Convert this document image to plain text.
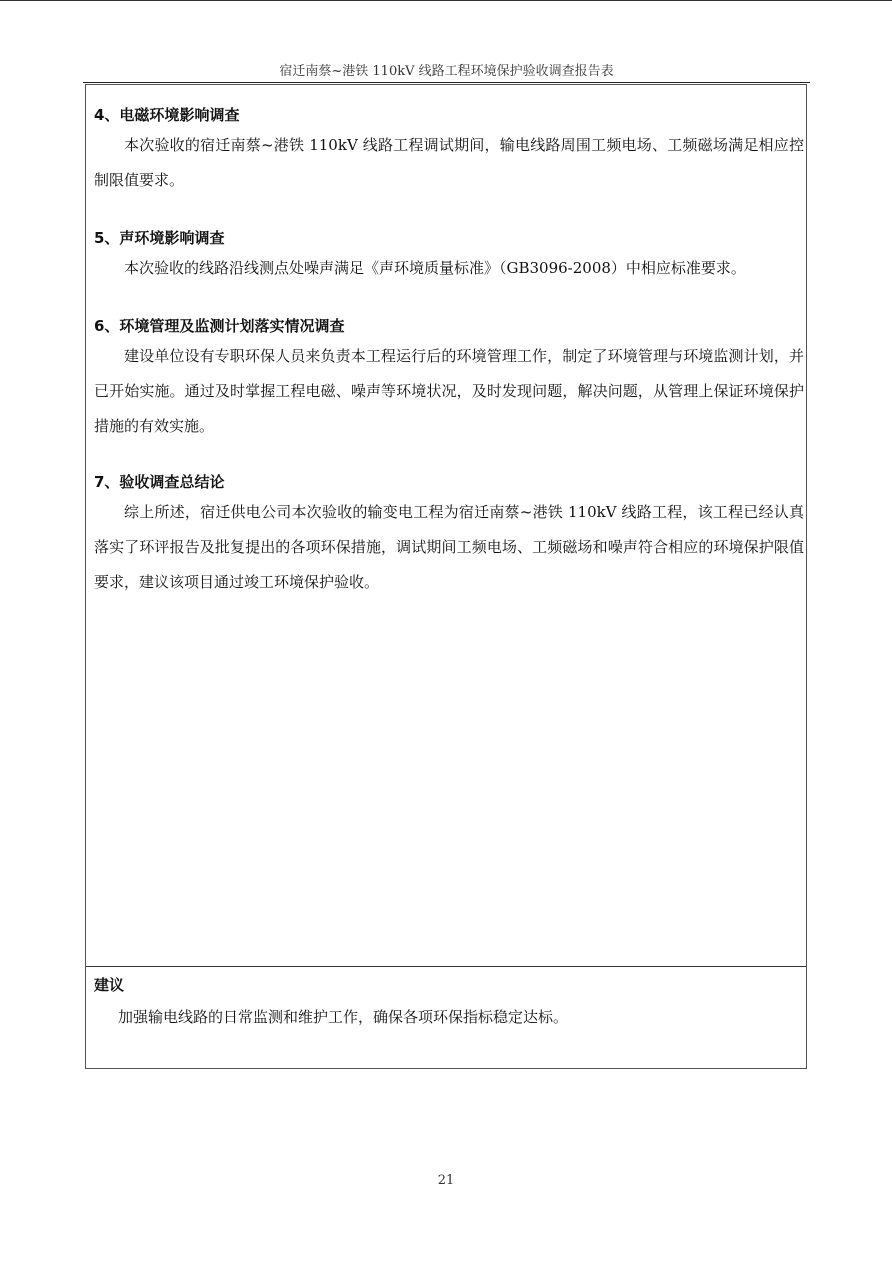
宿迁南蔡~港铁 110kV 线路工程环境保护验收调查报告表

4、电磁环境影响调查

本次验收的宿迁南蔡~港铁 110kV 线路工程调试期间，输电线路周围工频电场、工频磁场满足相应控制限值要求。

5、声环境影响调查

本次验收的线路沿线测点处噪声满足《声环境质量标准》（GB3096-2008）中相应标准要求。

6、环境管理及监测计划落实情况调查

建设单位设有专职环保人员来负责本工程运行后的环境管理工作，制定了环境管理与环境监测计划，并已开始实施。通过及时掌握工程电磁、噪声等环境状况，及时发现问题，解决问题，从管理上保证环境保护措施的有效实施。

7、验收调查总结论

综上所述，宿迁供电公司本次验收的输变电工程为宿迁南蔡~港铁 110kV 线路工程，该工程已经认真落实了环评报告及批复提出的各项环保措施，调试期间工频电场、工频磁场和噪声符合相应的环境保护限值要求，建议该项目通过竣工环境保护验收。

建议
加强输电线路的日常监测和维护工作，确保各项环保指标稳定达标。
21
